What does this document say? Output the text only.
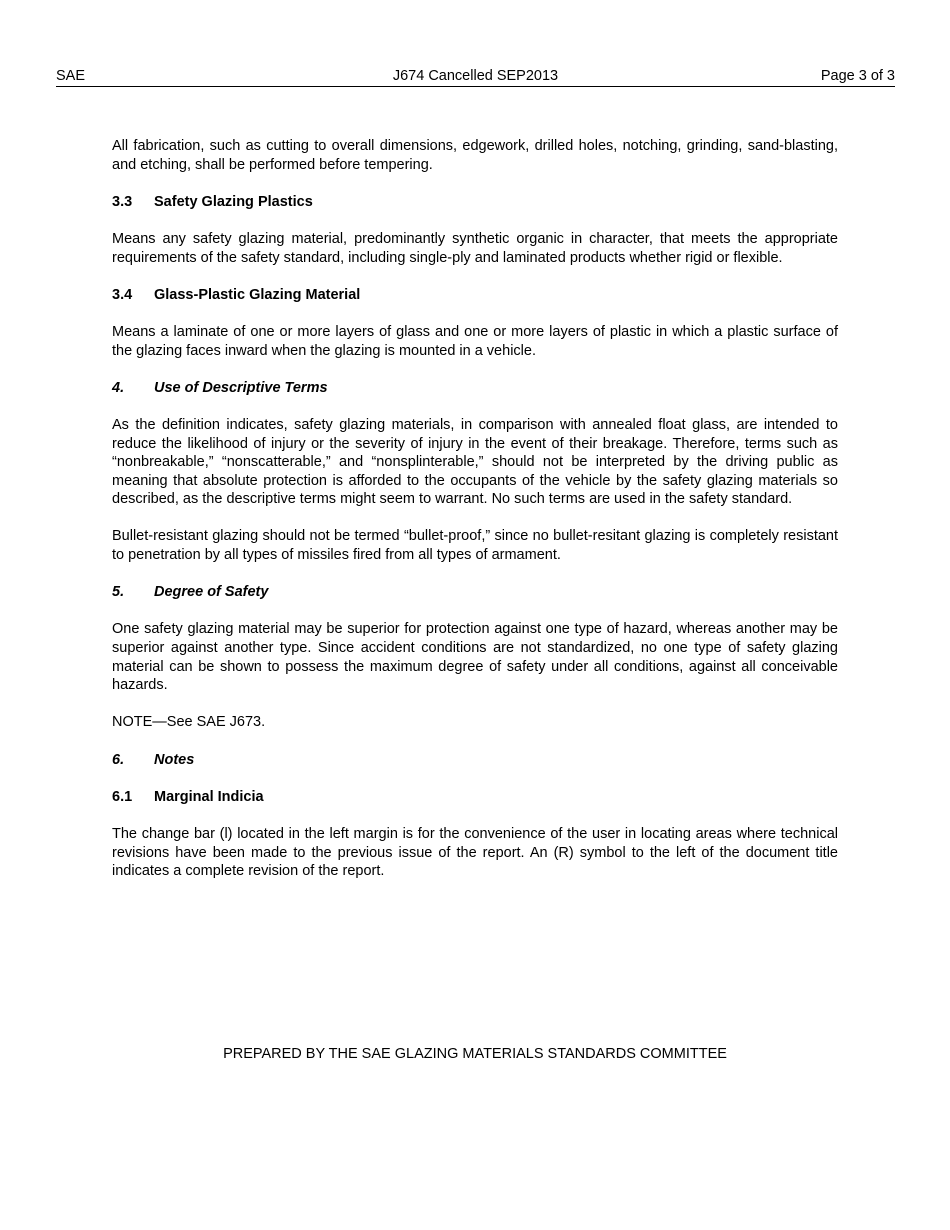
SAE	J674 Cancelled SEP2013	Page 3 of 3

All fabrication, such as cutting to overall dimensions, edgework, drilled holes, notching, grinding, sand-blasting, and etching, shall be performed before tempering.

3.3 Safety Glazing Plastics

Means any safety glazing material, predominantly synthetic organic in character, that meets the appropriate requirements of the safety standard, including single-ply and laminated products whether rigid or flexible.

3.4 Glass-Plastic Glazing Material

Means a laminate of one or more layers of glass and one or more layers of plastic in which a plastic surface of the glazing faces inward when the glazing is mounted in a vehicle.

4. Use of Descriptive Terms

As the definition indicates, safety glazing materials, in comparison with annealed float glass, are intended to reduce the likelihood of injury or the severity of injury in the event of their breakage. Therefore, terms such as “nonbreakable,” “nonscatterable,” and “nonsplinterable,” should not be interpreted by the driving public as meaning that absolute protection is afforded to the occupants of the vehicle by the safety glazing materials so described, as the descriptive terms might seem to warrant. No such terms are used in the safety standard.

Bullet-resistant glazing should not be termed “bullet-proof,” since no bullet-resitant glazing is completely resistant to penetration by all types of missiles fired from all types of armament.

5. Degree of Safety

One safety glazing material may be superior for protection against one type of hazard, whereas another may be superior against another type. Since accident conditions are not standardized, no one type of safety glazing material can be shown to possess the maximum degree of safety under all conditions, against all conceivable hazards.

NOTE—See SAE J673.

6. Notes
6.1 Marginal Indicia

The change bar (l) located in the left margin is for the convenience of the user in locating areas where technical revisions have been made to the previous issue of the report. An (R) symbol to the left of the document title indicates a complete revision of the report.

PREPARED BY THE SAE GLAZING MATERIALS STANDARDS COMMITTEE
